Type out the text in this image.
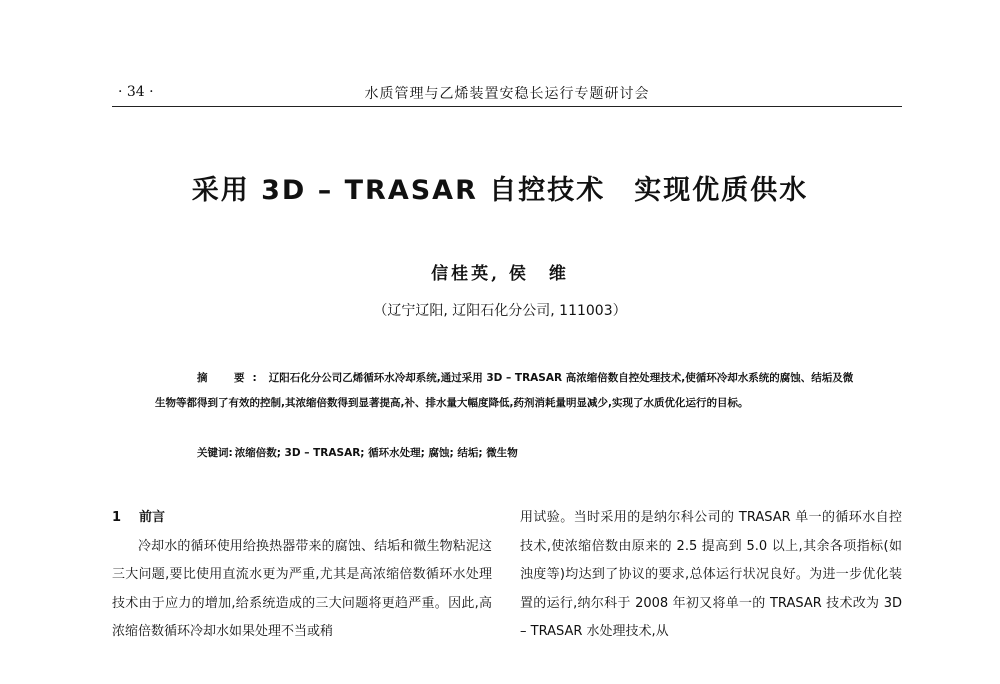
· 34 ·	水质管理与乙烯装置安稳长运行专题研讨会
采用 3D – TRASAR 自控技术　实现优质供水
信桂英, 侯　维
（辽宁辽阳, 辽阳石化分公司, 111003）
摘　要: 辽阳石化分公司乙烯循环水冷却系统,通过采用 3D – TRASAR 高浓缩倍数自控处理技术,使循环冷却水系统的腐蚀、结垢及微生物等都得到了有效的控制,其浓缩倍数得到显著提高,补、排水量大幅度降低,药剂消耗量明显减少,实现了水质优化运行的目标。
关键词: 浓缩倍数; 3D – TRASAR; 循环水处理; 腐蚀; 结垢; 微生物
1 前言

冷却水的循环使用给换热器带来的腐蚀、结垢和微生物粘泥这三大问题,要比使用直流水更为严重,尤其是高浓缩倍数循环水处理技术由于应力的增加,给系统造成的三大问题将更趋严重。因此,高浓缩倍数循环冷却水如果处理不当或稍

用试验。当时采用的是纳尔科公司的 TRASAR 单一的循环水自控技术,使浓缩倍数由原来的 2.5 提高到 5.0 以上,其余各项指标(如浊度等)均达到了协议的要求,总体运行状况良好。为进一步优化装置的运行,纳尔科于 2008 年初又将单一的 TRASAR 技术改为 3D – TRASAR 水处理技术,从
